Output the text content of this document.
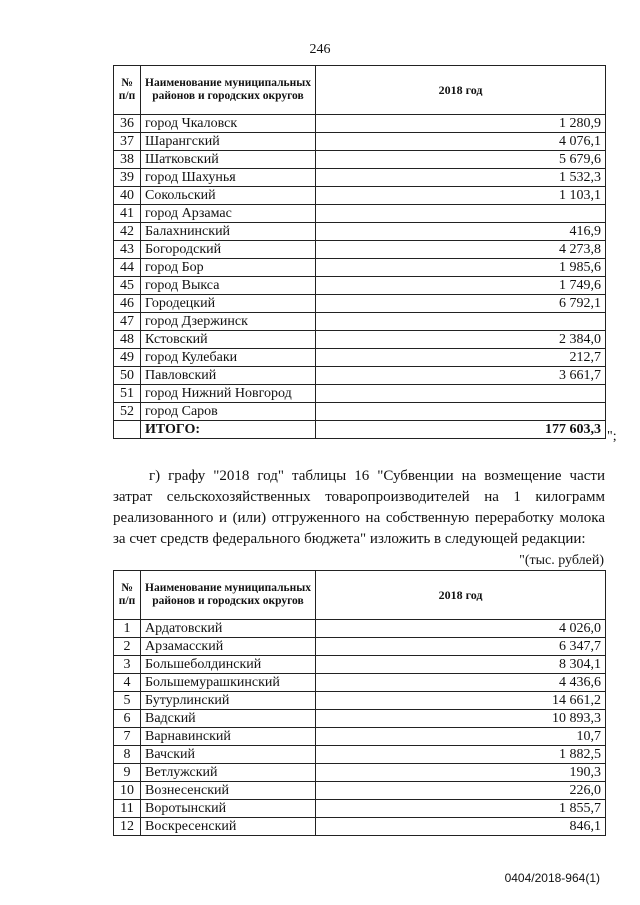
246
№ п/п	Наименование муниципальных районов и городских округов	2018 год
36	город Чкаловск	1 280,9
37	Шарангский	4 076,1
38	Шатковский	5 679,6
39	город Шахунья	1 532,3
40	Сокольский	1 103,1
41	город Арзамас	
42	Балахнинский	416,9
43	Богородский	4 273,8
44	город Бор	1 985,6
45	город Выкса	1 749,6
46	Городецкий	6 792,1
47	город Дзержинск	
48	Кстовский	2 384,0
49	город Кулебаки	212,7
50	Павловский	3 661,7
51	город Нижний Новгород	
52	город Саров	
	ИТОГО:	177 603,3 ";

г) графу "2018 год" таблицы 16 "Субвенции на возмещение части затрат сельскохозяйственных товаропроизводителей на 1 килограмм реализованного и (или) отгруженного на собственную переработку молока за счет средств федерального бюджета" изложить в следующей редакции:

"(тыс. рублей)
№ п/п	Наименование муниципальных районов и городских округов	2018 год
1	Ардатовский	4 026,0
2	Арзамасский	6 347,7
3	Большеболдинский	8 304,1
4	Большемурашкинский	4 436,6
5	Бутурлинский	14 661,2
6	Вадский	10 893,3
7	Варнавинский	10,7
8	Вачский	1 882,5
9	Ветлужский	190,3
10	Вознесенский	226,0
11	Воротынский	1 855,7
12	Воскресенский	846,1
0404/2018-964(1)
